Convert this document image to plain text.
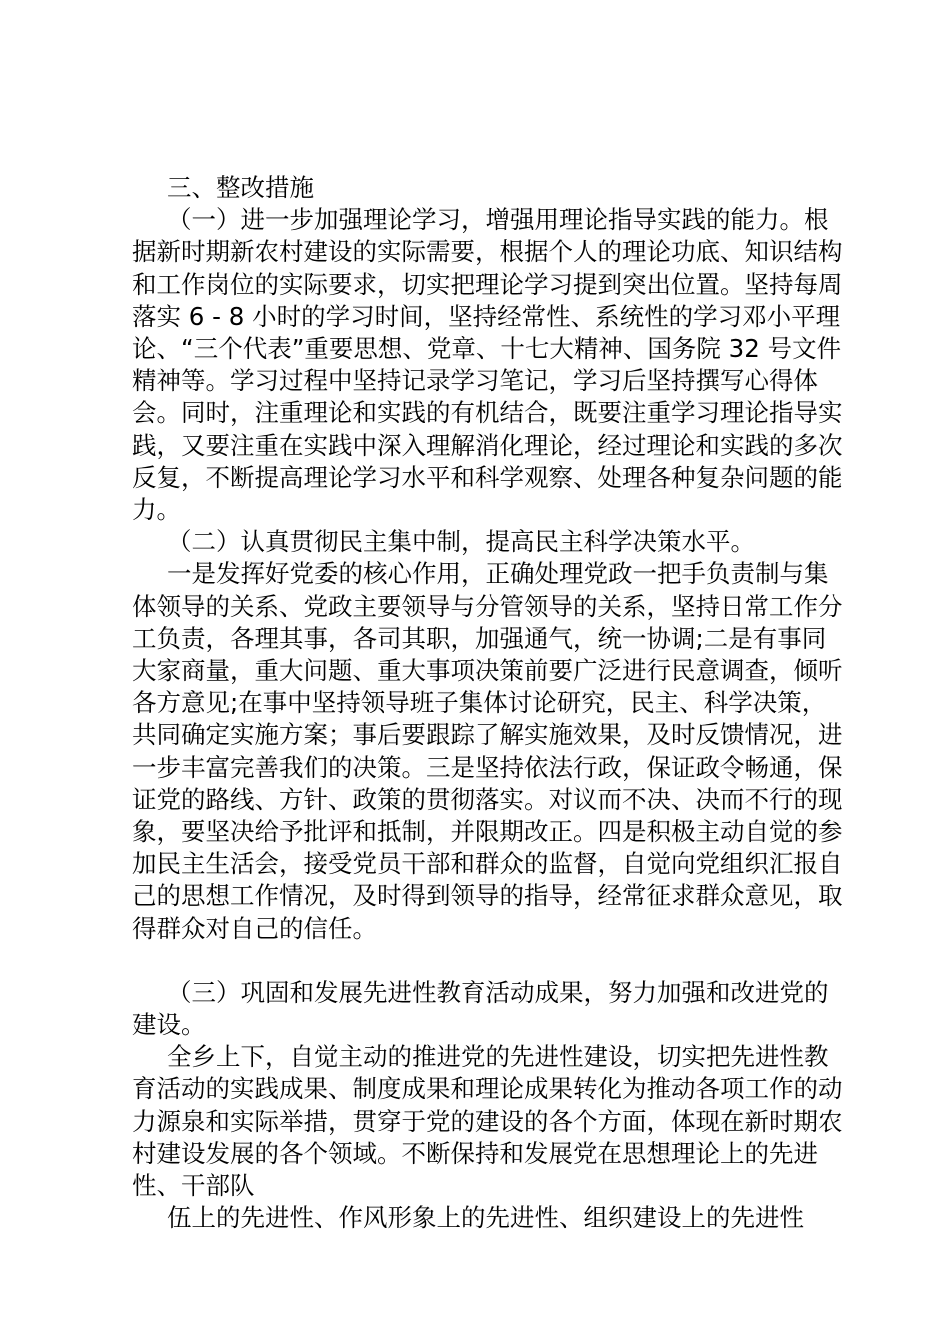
三、整改措施

（一）进一步加强理论学习，增强用理论指导实践的能力。根据新时期新农村建设的实际需要，根据个人的理论功底、知识结构和工作岗位的实际要求，切实把理论学习提到突出位置。坚持每周落实 6 - 8 小时的学习时间，坚持经常性、系统性的学习邓小平理论、“三个代表”重要思想、党章、十七大精神、国务院 32 号文件精神等。学习过程中坚持记录学习笔记，学习后坚持撰写心得体会。同时，注重理论和实践的有机结合，既要注重学习理论指导实践，又要注重在实践中深入理解消化理论，经过理论和实践的多次反复，不断提高理论学习水平和科学观察、处理各种复杂问题的能力。

（二）认真贯彻民主集中制，提高民主科学决策水平。

一是发挥好党委的核心作用，正确处理党政一把手负责制与集体领导的关系、党政主要领导与分管领导的关系，坚持日常工作分工负责，各理其事，各司其职，加强通气，统一协调;二是有事同大家商量，重大问题、重大事项决策前要广泛进行民意调查，倾听各方意见;在事中坚持领导班子集体讨论研究，民主、科学决策，共同确定实施方案；事后要跟踪了解实施效果，及时反馈情况，进一步丰富完善我们的决策。三是坚持依法行政，保证政令畅通，保证党的路线、方针、政策的贯彻落实。对议而不决、决而不行的现象，要坚决给予批评和抵制，并限期改正。四是积极主动自觉的参加民主生活会，接受党员干部和群众的监督，自觉向党组织汇报自己的思想工作情况，及时得到领导的指导，经常征求群众意见，取得群众对自己的信任。

（三）巩固和发展先进性教育活动成果，努力加强和改进党的建设。

全乡上下，自觉主动的推进党的先进性建设，切实把先进性教育活动的实践成果、制度成果和理论成果转化为推动各项工作的动力源泉和实际举措，贯穿于党的建设的各个方面，体现在新时期农村建设发展的各个领域。不断保持和发展党在思想理论上的先进性、干部队

伍上的先进性、作风形象上的先进性、组织建设上的先进性
